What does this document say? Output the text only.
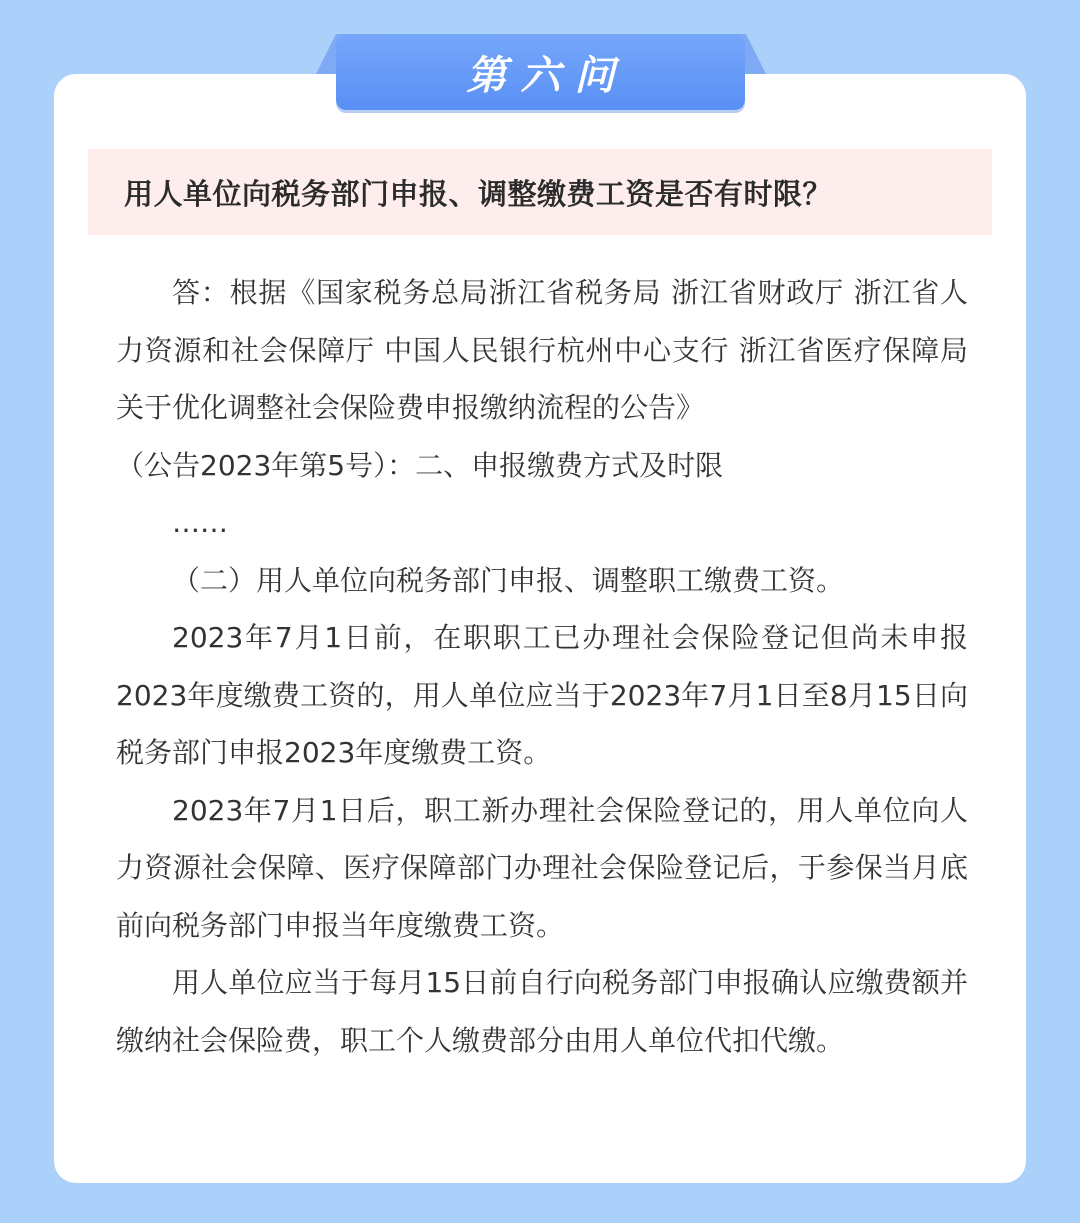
第六问
用人单位向税务部门申报、调整缴费工资是否有时限？

答：根据《国家税务总局浙江省税务局 浙江省财政厅 浙江省人力资源和社会保障厅 中国人民银行杭州中心支行 浙江省医疗保障局关于优化调整社会保险费申报缴纳流程的公告》

（公告2023年第5号）：二、申报缴费方式及时限

……

（二）用人单位向税务部门申报、调整职工缴费工资。

2023年7月1日前，在职职工已办理社会保险登记但尚未申报2023年度缴费工资的，用人单位应当于2023年7月1日至8月15日向税务部门申报2023年度缴费工资。

2023年7月1日后，职工新办理社会保险登记的，用人单位向人力资源社会保障、医疗保障部门办理社会保险登记后，于参保当月底前向税务部门申报当年度缴费工资。

用人单位应当于每月15日前自行向税务部门申报确认应缴费额并缴纳社会保险费，职工个人缴费部分由用人单位代扣代缴。
